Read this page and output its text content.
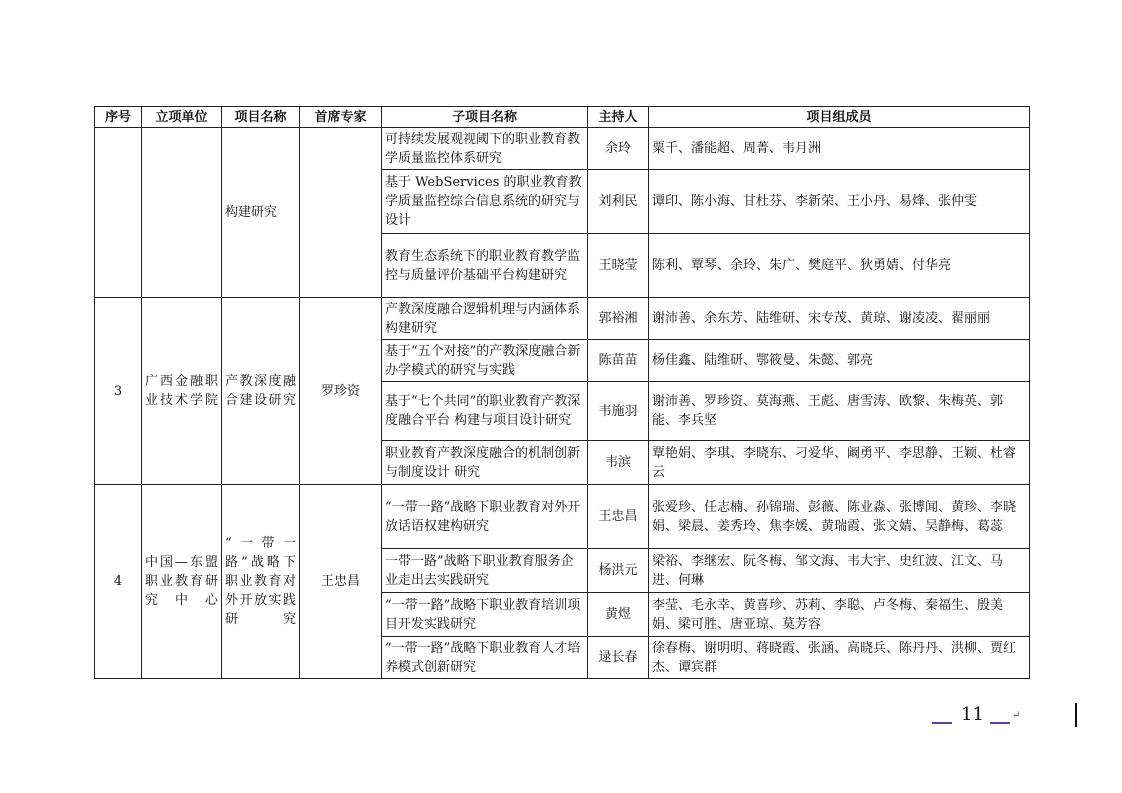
序号	立项单位	项目名称	首席专家	子项目名称	主持人	项目组成员
		构建研究		可持续发展观视阈下的职业教育教学质量监控体系研究	余玲	粟千、潘能超、周菁、韦月洲
				基于 WebServices 的职业教育教学质量监控综合信息系统的研究与设计	刘利民	谭印、陈小海、甘杜芬、李新荣、王小丹、易烽、张仲雯
				教育生态系统下的职业教育教学监控与质量评价基础平台构建研究	王晓莹	陈利、覃琴、余玲、朱广、樊庭平、狄勇婧、付华亮
3	广西金融职业技术学院	产教深度融合建设研究	罗珍资	产教深度融合逻辑机理与内涵体系构建研究	郭裕湘	谢沛善、余东芳、陆维研、宋专茂、黄琼、谢凌凌、翟丽丽
				基于“五个对接”的产教深度融合新办学模式的研究与实践	陈苗苗	杨佳鑫、陆维研、鄂筱曼、朱懿、郭亮
				基于“七个共同”的职业教育产教深度融合平台 构建与项目设计研究	韦施羽	谢沛善、罗珍资、莫海燕、王彪、唐雪涛、欧黎、朱梅英、郭能、李兵坚
				职业教育产教深度融合的机制创新与制度设计 研究	韦滨	覃艳娟、李琪、李晓东、刁爱华、阚勇平、李思静、王颖、杜睿云
4	中国—东盟职业教育研究中心	“一带一路”战略下职业教育对外开放实践研究	王忠昌	“一带一路”战略下职业教育对外开放话语权建构研究	王忠昌	张爱珍、任志楠、孙锦瑞、彭薇、陈业淼、张博闻、黄珍、李晓娟、梁晨、姜秀玲、焦李媛、黄瑞霞、张文婧、吴静梅、葛蕊
				一带一路”战略下职业教育服务企业走出去实践研究	杨洪元	梁裕、李继宏、阮冬梅、邹文海、韦大宇、史红波、江文、马进、何琳
				“一带一路”战略下职业教育培训项目开发实践研究	黄煜	李莹、毛永幸、黄喜珍、苏莉、李聪、卢冬梅、秦福生、殷美娟、梁可胜、唐亚琼、莫芳容
				“一带一路”战略下职业教育人才培养模式创新研究	逯长春	徐春梅、谢明明、蒋晓霞、张涵、高晓兵、陈丹丹、洪柳、贾红杰、谭宾群
11	↵
